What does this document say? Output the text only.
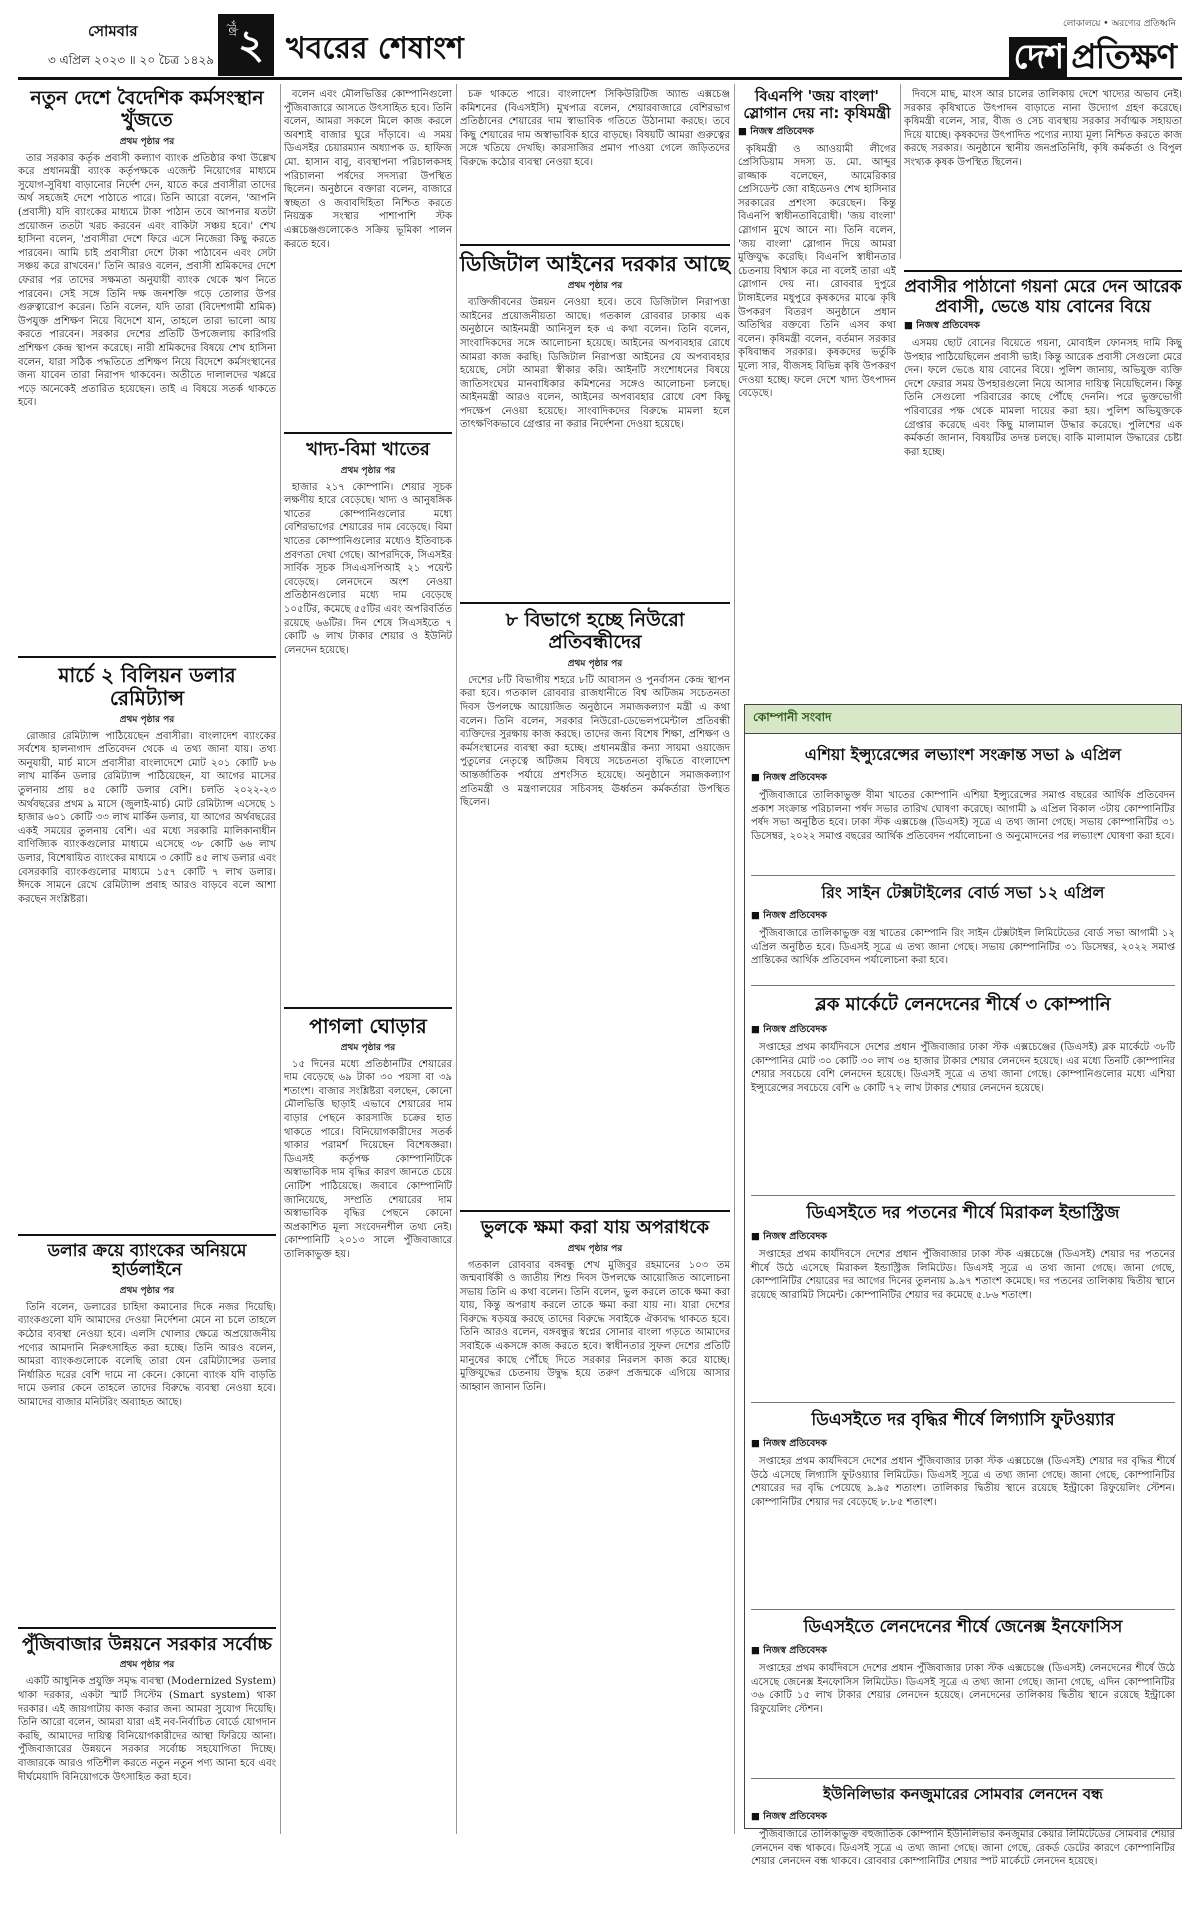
সোমবার
৩ এপ্রিল ২০২৩ ॥ ২০ চৈত্র ১৪২৯
পৃষ্ঠা ২ খবরের শেষাংশ
লোকালয়ে • অরণ্যের প্রতিধ্বনি
দেশ প্রতিক্ষণ
নতুন দেশে বৈদেশিক কর্মসংস্থান খুঁজতে
প্রথম পৃষ্ঠার পর

তার সরকার কর্তৃক প্রবাসী কল্যাণ ব্যাংক প্রতিষ্ঠার কথা উল্লেখ করে প্রধানমন্ত্রী ব্যাংক কর্তৃপক্ষকে এজেন্ট নিয়োগের মাধ্যমে সুযোগ-সুবিধা বাড়ানোর নির্দেশ দেন, যাতে করে প্রবাসীরা তাদের অর্থ সহজেই দেশে পাঠাতে পারে। তিনি আরো বলেন, 'আপনি (প্রবাসী) যদি ব্যাংকের মাধ্যমে টাকা পাঠান তবে আপনার যতটা প্রয়োজন ততটা খরচ করবেন এবং বাকিটা সঞ্চয় হবে।' শেখ হাসিনা বলেন, 'প্রবাসীরা দেশে ফিরে এসে নিজেরা কিছু করতে পারবেন। আমি চাই প্রবাসীরা দেশে টাকা পাঠাবেন এবং সেটা সঞ্চয় করে রাখবেন।' তিনি আরও বলেন, প্রবাসী শ্রমিকদের দেশে ফেরার পর তাদের সক্ষমতা অনুযায়ী ব্যাংক থেকে ঋণ নিতে পারবেন। সেই সঙ্গে তিনি দক্ষ জনশক্তি গড়ে তোলার উপর গুরুত্বারোপ করেন। তিনি বলেন, যদি তারা (বিদেশগামী শ্রমিক) উপযুক্ত প্রশিক্ষণ নিয়ে বিদেশে যান, তাহলে তারা ভালো আয় করতে পারবেন। সরকার দেশের প্রতিটি উপজেলায় কারিগরি প্রশিক্ষণ কেন্দ্র স্থাপন করেছে। নারী শ্রমিকদের বিষয়ে শেখ হাসিনা বলেন, যারা সঠিক পদ্ধতিতে প্রশিক্ষণ নিয়ে বিদেশে কর্মসংস্থানের জন্য যাবেন তারা নিরাপদ থাকবেন। অতীতে দালালদের খপ্পরে পড়ে অনেকেই প্রতারিত হয়েছেন। তাই এ বিষয়ে সতর্ক থাকতে হবে।

মার্চে ২ বিলিয়ন ডলার রেমিট্যান্স
প্রথম পৃষ্ঠার পর

রোজার রেমিট্যান্স পাঠিয়েছেন প্রবাসীরা। বাংলাদেশ ব্যাংকের সর্বশেষ হালনাগাদ প্রতিবেদন থেকে এ তথ্য জানা যায়। তথ্য অনুযায়ী, মার্চ মাসে প্রবাসীরা বাংলাদেশে মোট ২০১ কোটি ৮৬ লাখ মার্কিন ডলার রেমিট্যান্স পাঠিয়েছেন, যা আগের মাসের তুলনায় প্রায় ৪৫ কোটি ডলার বেশি। চলতি ২০২২-২৩ অর্থবছরের প্রথম ৯ মাসে (জুলাই-মার্চ) মোট রেমিট্যান্স এসেছে ১ হাজার ৬০১ কোটি ৩৩ লাখ মার্কিন ডলার, যা আগের অর্থবছরের একই সময়ের তুলনায় বেশি। এর মধ্যে সরকারি মালিকানাধীন বাণিজ্যিক ব্যাংকগুলোর মাধ্যমে এসেছে ৩৮ কোটি ৬৬ লাখ ডলার, বিশেষায়িত ব্যাংকের মাধ্যমে ৩ কোটি ৪৫ লাখ ডলার এবং বেসরকারি ব্যাংকগুলোর মাধ্যমে ১৫৭ কোটি ৭ লাখ ডলার। ঈদকে সামনে রেখে রেমিট্যান্স প্রবাহ আরও বাড়বে বলে আশা করছেন সংশ্লিষ্টরা।

ডলার ক্রয়ে ব্যাংকের অনিয়মে হার্ডলাইনে
প্রথম পৃষ্ঠার পর

তিনি বলেন, ডলারের চাহিদা কমানোর দিকে নজর দিয়েছি। ব্যাংকগুলো যদি আমাদের দেওয়া নির্দেশনা মেনে না চলে তাহলে কঠোর ব্যবস্থা নেওয়া হবে। এলসি খোলার ক্ষেত্রে অপ্রয়োজনীয় পণ্যের আমদানি নিরুৎসাহিত করা হচ্ছে। তিনি আরও বলেন, আমরা ব্যাংকগুলোকে বলেছি তারা যেন রেমিট্যান্সের ডলার নির্ধারিত দরের বেশি দামে না কেনে। কোনো ব্যাংক যদি বাড়তি দামে ডলার কেনে তাহলে তাদের বিরুদ্ধে ব্যবস্থা নেওয়া হবে। আমাদের বাজার মনিটরিং অব্যাহত আছে।

পুঁজিবাজার উন্নয়নে সরকার সর্বোচ্চ
প্রথম পৃষ্ঠার পর

একটি আধুনিক প্রযুক্তি সমৃদ্ধ ব্যবস্থা (Modernized System) থাকা দরকার, একটা স্মার্ট সিস্টেম (Smart system) থাকা দরকার। এই জায়গাটায় কাজ করার জন্য আমরা সুযোগ দিয়েছি। তিনি আরো বলেন, আমরা যারা এই নব-নির্বাচিত বোর্ডে যোগদান করছি, আমাদের দায়িত্ব বিনিয়োগকারীদের আস্থা ফিরিয়ে আনা। পুঁজিবাজারের উন্নয়নে সরকার সর্বোচ্চ সহযোগিতা দিচ্ছে। বাজারকে আরও গতিশীল করতে নতুন নতুন পণ্য আনা হবে এবং দীর্ঘমেয়াদি বিনিয়োগকে উৎসাহিত করা হবে।

বলেন এবং মৌলভিত্তির কোম্পানিগুলো পুঁজিবাজারে আসতে উৎসাহিত হবে। তিনি বলেন, আমরা সকলে মিলে কাজ করলে অবশ্যই বাজার ঘুরে দাঁড়াবে। এ সময় ডিএসইর চেয়ারম্যান অধ্যাপক ড. হাফিজ মো. হাসান বাবু, ব্যবস্থাপনা পরিচালকসহ পরিচালনা পর্ষদের সদস্যরা উপস্থিত ছিলেন। অনুষ্ঠানে বক্তারা বলেন, বাজারে স্বচ্ছতা ও জবাবদিহিতা নিশ্চিত করতে নিয়ন্ত্রক সংস্থার পাশাপাশি স্টক এক্সচেঞ্জগুলোকেও সক্রিয় ভূমিকা পালন করতে হবে।

খাদ্য-বিমা খাতের
প্রথম পৃষ্ঠার পর

হাজার ২১৭ কোম্পানি। শেয়ার সূচক লক্ষণীয় হারে বেড়েছে। খাদ্য ও আনুষঙ্গিক খাতের কোম্পানিগুলোর মধ্যে বেশিরভাগের শেয়ারের দাম বেড়েছে। বিমা খাতের কোম্পানিগুলোর মধ্যেও ইতিবাচক প্রবণতা দেখা গেছে। আপরদিকে, সিএসইর সার্বিক সূচক সিএএসপিআই ২১ পয়েন্ট বেড়েছে। লেনদেনে অংশ নেওয়া প্রতিষ্ঠানগুলোর মধ্যে দাম বেড়েছে ১০৫টির, কমেছে ৫৫টির এবং অপরিবর্তিত রয়েছে ৬৬টির। দিন শেষে সিএসইতে ৭ কোটি ৬ লাখ টাকার শেয়ার ও ইউনিট লেনদেন হয়েছে।

পাগলা ঘোড়ার
প্রথম পৃষ্ঠার পর

১৫ দিনের মধ্যে প্রতিষ্ঠানটির শেয়ারের দাম বেড়েছে ৬৯ টাকা ৩০ পয়সা বা ৩৯ শতাংশ। বাজার সংশ্লিষ্টরা বলছেন, কোনো মৌলভিত্তি ছাড়াই এভাবে শেয়ারের দাম বাড়ার পেছনে কারসাজি চক্রের হাত থাকতে পারে। বিনিয়োগকারীদের সতর্ক থাকার পরামর্শ দিয়েছেন বিশেষজ্ঞরা। ডিএসই কর্তৃপক্ষ কোম্পানিটিকে অস্বাভাবিক দাম বৃদ্ধির কারণ জানতে চেয়ে নোটিশ পাঠিয়েছে। জবাবে কোম্পানিটি জানিয়েছে, সম্প্রতি শেয়ারের দাম অস্বাভাবিক বৃদ্ধির পেছনে কোনো অপ্রকাশিত মূল্য সংবেদনশীল তথ্য নেই। কোম্পানিটি ২০১৩ সালে পুঁজিবাজারে তালিকাভুক্ত হয়।

চক্র থাকতে পারে। বাংলাদেশ সিকিউরিটিজ অ্যান্ড এক্সচেঞ্জ কমিশনের (বিএসইসি) মুখপাত্র বলেন, শেয়ারবাজারে বেশিরভাগ প্রতিষ্ঠানের শেয়ারের দাম স্বাভাবিক গতিতে উঠানামা করছে। তবে কিছু শেয়ারের দাম অস্বাভাবিক হারে বাড়ছে। বিষয়টি আমরা গুরুত্বের সঙ্গে খতিয়ে দেখছি। কারসাজির প্রমাণ পাওয়া গেলে জড়িতদের বিরুদ্ধে কঠোর ব্যবস্থা নেওয়া হবে।

ডিজিটাল আইনের দরকার আছে
প্রথম পৃষ্ঠার পর

ব্যক্তিজীবনের উন্নয়ন নেওয়া হবে। তবে ডিজিটাল নিরাপত্তা আইনের প্রয়োজনীয়তা আছে। গতকাল রোববার ঢাকায় এক অনুষ্ঠানে আইনমন্ত্রী আনিসুল হক এ কথা বলেন। তিনি বলেন, সাংবাদিকদের সঙ্গে আলোচনা হয়েছে। আইনের অপব্যবহার রোধে আমরা কাজ করছি। ডিজিটাল নিরাপত্তা আইনের যে অপব্যবহার হয়েছে, সেটা আমরা স্বীকার করি। আইনটি সংশোধনের বিষয়ে জাতিসংঘের মানবাধিকার কমিশনের সঙ্গেও আলোচনা চলছে। আইনমন্ত্রী আরও বলেন, আইনের অপব্যবহার রোধে বেশ কিছু পদক্ষেপ নেওয়া হয়েছে। সাংবাদিকদের বিরুদ্ধে মামলা হলে তাৎক্ষণিকভাবে গ্রেপ্তার না করার নির্দেশনা দেওয়া হয়েছে।

৮ বিভাগে হচ্ছে নিউরো প্রতিবন্ধীদের
প্রথম পৃষ্ঠার পর

দেশের ৮টি বিভাগীয় শহরে ৮টি আবাসন ও পুনর্বাসন কেন্দ্র স্থাপন করা হবে। গতকাল রোববার রাজধানীতে বিশ্ব অটিজম সচেতনতা দিবস উপলক্ষে আয়োজিত অনুষ্ঠানে সমাজকল্যাণ মন্ত্রী এ কথা বলেন। তিনি বলেন, সরকার নিউরো-ডেভেলপমেন্টাল প্রতিবন্ধী ব্যক্তিদের সুরক্ষায় কাজ করছে। তাদের জন্য বিশেষ শিক্ষা, প্রশিক্ষণ ও কর্মসংস্থানের ব্যবস্থা করা হচ্ছে। প্রধানমন্ত্রীর কন্যা সায়মা ওয়াজেদ পুতুলের নেতৃত্বে অটিজম বিষয়ে সচেতনতা বৃদ্ধিতে বাংলাদেশ আন্তর্জাতিক পর্যায়ে প্রশংসিত হয়েছে। অনুষ্ঠানে সমাজকল্যাণ প্রতিমন্ত্রী ও মন্ত্রণালয়ের সচিবসহ ঊর্ধ্বতন কর্মকর্তারা উপস্থিত ছিলেন।

ভুলকে ক্ষমা করা যায় অপরাধকে
প্রথম পৃষ্ঠার পর

গতকাল রোববার বঙ্গবন্ধু শেখ মুজিবুর রহমানের ১০৩ তম জন্মবার্ষিকী ও জাতীয় শিশু দিবস উপলক্ষে আয়োজিত আলোচনা সভায় তিনি এ কথা বলেন। তিনি বলেন, ভুল করলে তাকে ক্ষমা করা যায়, কিন্তু অপরাধ করলে তাকে ক্ষমা করা যায় না। যারা দেশের বিরুদ্ধে ষড়যন্ত্র করছে তাদের বিরুদ্ধে সবাইকে ঐক্যবদ্ধ থাকতে হবে। তিনি আরও বলেন, বঙ্গবন্ধুর স্বপ্নের সোনার বাংলা গড়তে আমাদের সবাইকে একসঙ্গে কাজ করতে হবে। স্বাধীনতার সুফল দেশের প্রতিটি মানুষের কাছে পৌঁছে দিতে সরকার নিরলস কাজ করে যাচ্ছে। মুক্তিযুদ্ধের চেতনায় উদ্বুদ্ধ হয়ে তরুণ প্রজন্মকে এগিয়ে আসার আহ্বান জানান তিনি।

বিএনপি 'জয় বাংলা' স্লোগান দেয় না: কৃষিমন্ত্রী
■ নিজস্ব প্রতিবেদক

কৃষিমন্ত্রী ও আওয়ামী লীগের প্রেসিডিয়াম সদস্য ড. মো. আব্দুর রাজ্জাক বলেছেন, আমেরিকার প্রেসিডেন্ট জো বাইডেনও শেখ হাসিনার সরকারের প্রশংসা করেছেন। কিন্তু বিএনপি স্বাধীনতাবিরোধী। 'জয় বাংলা' স্লোগান মুখে আনে না। তিনি বলেন, 'জয় বাংলা' স্লোগান দিয়ে আমরা মুক্তিযুদ্ধ করেছি। বিএনপি স্বাধীনতার চেতনায় বিশ্বাস করে না বলেই তারা এই স্লোগান দেয় না। রোববার দুপুরে টাঙ্গাইলের মধুপুরে কৃষকদের মাঝে কৃষি উপকরণ বিতরণ অনুষ্ঠানে প্রধান অতিথির বক্তব্যে তিনি এসব কথা বলেন। কৃষিমন্ত্রী বলেন, বর্তমান সরকার কৃষিবান্ধব সরকার। কৃষকদের ভর্তুকি মূল্যে সার, বীজসহ বিভিন্ন কৃষি উপকরণ দেওয়া হচ্ছে। ফলে দেশে খাদ্য উৎপাদন বেড়েছে।

দিবসে মাছ, মাংস আর চালের তালিকায় দেশে খাদ্যের অভাব নেই। সরকার কৃষিখাতে উৎপাদন বাড়াতে নানা উদ্যোগ গ্রহণ করেছে। কৃষিমন্ত্রী বলেন, সার, বীজ ও সেচ ব্যবস্থায় সরকার সর্বাত্মক সহায়তা দিয়ে যাচ্ছে। কৃষকদের উৎপাদিত পণ্যের ন্যায্য মূল্য নিশ্চিত করতে কাজ করছে সরকার। অনুষ্ঠানে স্থানীয় জনপ্রতিনিধি, কৃষি কর্মকর্তা ও বিপুল সংখ্যক কৃষক উপস্থিত ছিলেন।

প্রবাসীর পাঠানো গয়না মেরে দেন আরেক প্রবাসী, ভেঙে যায় বোনের বিয়ে
■ নিজস্ব প্রতিবেদক

এসময় ছোট বোনের বিয়েতে গয়না, মোবাইল ফোনসহ দামি কিছু উপহার পাঠিয়েছিলেন প্রবাসী ভাই। কিন্তু আরেক প্রবাসী সেগুলো মেরে দেন। ফলে ভেঙে যায় বোনের বিয়ে। পুলিশ জানায়, অভিযুক্ত ব্যক্তি দেশে ফেরার সময় উপহারগুলো নিয়ে আসার দায়িত্ব নিয়েছিলেন। কিন্তু তিনি সেগুলো পরিবারের কাছে পৌঁছে দেননি। পরে ভুক্তভোগী পরিবারের পক্ষ থেকে মামলা দায়ের করা হয়। পুলিশ অভিযুক্তকে গ্রেপ্তার করেছে এবং কিছু মালামাল উদ্ধার করেছে। পুলিশের এক কর্মকর্তা জানান, বিষয়টির তদন্ত চলছে। বাকি মালামাল উদ্ধারের চেষ্টা করা হচ্ছে।

কোম্পানী সংবাদ
এশিয়া ইন্স্যুরেন্সের লভ্যাংশ সংক্রান্ত সভা ৯ এপ্রিল
■ নিজস্ব প্রতিবেদক

পুঁজিবাজারে তালিকাভুক্ত বীমা খাতের কোম্পানি এশিয়া ইন্স্যুরেন্সের সমাপ্ত বছরের আর্থিক প্রতিবেদন প্রকাশ সংক্রান্ত পরিচালনা পর্ষদ সভার তারিখ ঘোষণা করেছে। আগামী ৯ এপ্রিল বিকাল ৩টায় কোম্পানিটির পর্ষদ সভা অনুষ্ঠিত হবে। ঢাকা স্টক এক্সচেঞ্জ (ডিএসই) সূত্রে এ তথ্য জানা গেছে। সভায় কোম্পানিটির ৩১ ডিসেম্বর, ২০২২ সমাপ্ত বছরের আর্থিক প্রতিবেদন পর্যালোচনা ও অনুমোদনের পর লভ্যাংশ ঘোষণা করা হবে।

রিং সাইন টেক্সটাইলের বোর্ড সভা ১২ এপ্রিল
■ নিজস্ব প্রতিবেদক

পুঁজিবাজারে তালিকাভুক্ত বস্ত্র খাতের কোম্পানি রিং সাইন টেক্সটাইল লিমিটেডের বোর্ড সভা আগামী ১২ এপ্রিল অনুষ্ঠিত হবে। ডিএসই সূত্রে এ তথ্য জানা গেছে। সভায় কোম্পানিটির ৩১ ডিসেম্বর, ২০২২ সমাপ্ত প্রান্তিকের আর্থিক প্রতিবেদন পর্যালোচনা করা হবে।

ব্লক মার্কেটে লেনদেনের শীর্ষে ৩ কোম্পানি
■ নিজস্ব প্রতিবেদক

সপ্তাহের প্রথম কার্যদিবসে দেশের প্রধান পুঁজিবাজার ঢাকা স্টক এক্সচেঞ্জের (ডিএসই) ব্লক মার্কেটে ৩৮টি কোম্পানির মোট ৩০ কোটি ৩০ লাখ ৩৪ হাজার টাকার শেয়ার লেনদেন হয়েছে। এর মধ্যে তিনটি কোম্পানির শেয়ার সবচেয়ে বেশি লেনদেন হয়েছে। ডিএসই সূত্রে এ তথ্য জানা গেছে। কোম্পানিগুলোর মধ্যে এশিয়া ইন্স্যুরেন্সের সবচেয়ে বেশি ৬ কোটি ৭২ লাখ টাকার শেয়ার লেনদেন হয়েছে।

ডিএসইতে দর পতনের শীর্ষে মিরাকল ইন্ডাস্ট্রিজ
■ নিজস্ব প্রতিবেদক

সপ্তাহের প্রথম কার্যদিবসে দেশের প্রধান পুঁজিবাজার ঢাকা স্টক এক্সচেঞ্জে (ডিএসই) শেয়ার দর পতনের শীর্ষে উঠে এসেছে মিরাকল ইন্ডাস্ট্রিজ লিমিটেড। ডিএসই সূত্রে এ তথ্য জানা গেছে। জানা গেছে, কোম্পানিটির শেয়ারের দর আগের দিনের তুলনায় ৯.৯৭ শতাংশ কমেছে। দর পতনের তালিকায় দ্বিতীয় স্থানে রয়েছে আরামিট সিমেন্ট। কোম্পানিটির শেয়ার দর কমেছে ৫.৮৬ শতাংশ।

ডিএসইতে দর বৃদ্ধির শীর্ষে লিগ্যাসি ফুটওয়্যার
■ নিজস্ব প্রতিবেদক

সপ্তাহের প্রথম কার্যদিবসে দেশের প্রধান পুঁজিবাজার ঢাকা স্টক এক্সচেঞ্জে (ডিএসই) শেয়ার দর বৃদ্ধির শীর্ষে উঠে এসেছে লিগ্যাসি ফুটওয়্যার লিমিটেড। ডিএসই সূত্রে এ তথ্য জানা গেছে। জানা গেছে, কোম্পানিটির শেয়ারের দর বৃদ্ধি পেয়েছে ৯.৯৫ শতাংশ। তালিকার দ্বিতীয় স্থানে রয়েছে ইন্ট্রাকো রিফুয়েলিং স্টেশন। কোম্পানিটির শেয়ার দর বেড়েছে ৮.৮৫ শতাংশ।

ডিএসইতে লেনদেনের শীর্ষে জেনেক্স ইনফোসিস
■ নিজস্ব প্রতিবেদক

সপ্তাহের প্রথম কার্যদিবসে দেশের প্রধান পুঁজিবাজার ঢাকা স্টক এক্সচেঞ্জে (ডিএসই) লেনদেনের শীর্ষে উঠে এসেছে জেনেক্স ইনফোসিস লিমিটেড। ডিএসই সূত্রে এ তথ্য জানা গেছে। জানা গেছে, এদিন কোম্পানিটির ৩৬ কোটি ১৫ লাখ টাকার শেয়ার লেনদেন হয়েছে। লেনদেনের তালিকায় দ্বিতীয় স্থানে রয়েছে ইন্ট্রাকো রিফুয়েলিং স্টেশন।

ইউনিলিভার কনজুমারের সোমবার লেনদেন বন্ধ
■ নিজস্ব প্রতিবেদক

পুঁজিবাজারে তালিকাভুক্ত বহুজাতিক কোম্পানি ইউনিলিভার কনজুমার কেয়ার লিমিটেডের সোমবার শেয়ার লেনদেন বন্ধ থাকবে। ডিএসই সূত্রে এ তথ্য জানা গেছে। জানা গেছে, রেকর্ড ডেটের কারণে কোম্পানিটির শেয়ার লেনদেন বন্ধ থাকবে। রোববার কোম্পানিটির শেয়ার স্পট মার্কেটে লেনদেন হয়েছে।
